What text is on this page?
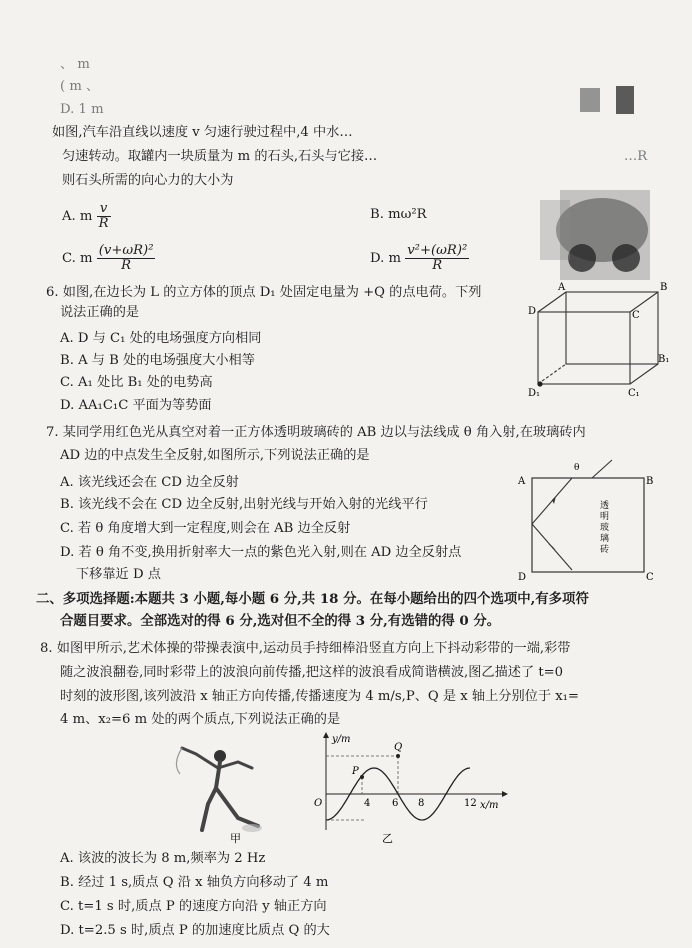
、 m
( m 、
D. 1 m
如图,汽车沿直线以速度 v 匀速行驶过程中,4 中水…
匀速转动。取罐内一块质量为 m 的石头,石头与它接…	…R
则石头所需的向心力的大小为
A. m $\frac{v}{R}$	B. mω²R
C. m $\frac{\text{(v+ωR)²}}{R}$	D. m $\frac{\text{v²+(ωR)²}}{R}$
6. 如图,在边长为 L 的立方体的顶点 D₁ 处固定电量为 +Q 的点电荷。下列
说法正确的是
A. D 与 C₁ 处的电场强度方向相同
B. A 与 B 处的电场强度大小相等
C. A₁ 处比 B₁ 处的电势高
D. AA₁C₁C 平面为等势面
A	B
D	C
B₁
D₁	C₁
7. 某同学用红色光从真空对着一正方体透明玻璃砖的 AB 边以与法线成 θ 角入射,在玻璃砖内
AD 边的中点发生全反射,如图所示,下列说法正确的是
A. 该光线还会在 CD 边全反射
B. 该光线不会在 CD 边全反射,出射光线与开始入射的光线平行
C. 若 θ 角度增大到一定程度,则会在 AB 边全反射
D. 若 θ 角不变,换用折射率大一点的紫色光入射,则在 AD 边全反射点
下移靠近 D 点
θ
A	B
D	C
透
明
玻
璃
砖
二、多项选择题:本题共 3 小题,每小题 6 分,共 18 分。在每小题给出的四个选项中,有多项符
合题目要求。全部选对的得 6 分,选对但不全的得 3 分,有选错的得 0 分。
8. 如图甲所示,艺术体操的带操表演中,运动员手持细棒沿竖直方向上下抖动彩带的一端,彩带
随之波浪翻卷,同时彩带上的波浪向前传播,把这样的波浪看成简谐横波,图乙描述了 t=0
时刻的波形图,该列波沿 x 轴正方向传播,传播速度为 4 m/s,P、Q 是 x 轴上分别位于 x₁=
4 m、x₂=6 m 处的两个质点,下列说法正确的是
甲
y/m
x/m
O
P
Q
4 6 8	12
乙
A. 该波的波长为 8 m,频率为 2 Hz
B. 经过 1 s,质点 Q 沿 x 轴负方向移动了 4 m
C. t=1 s 时,质点 P 的速度方向沿 y 轴正方向
D. t=2.5 s 时,质点 P 的加速度比质点 Q 的大
